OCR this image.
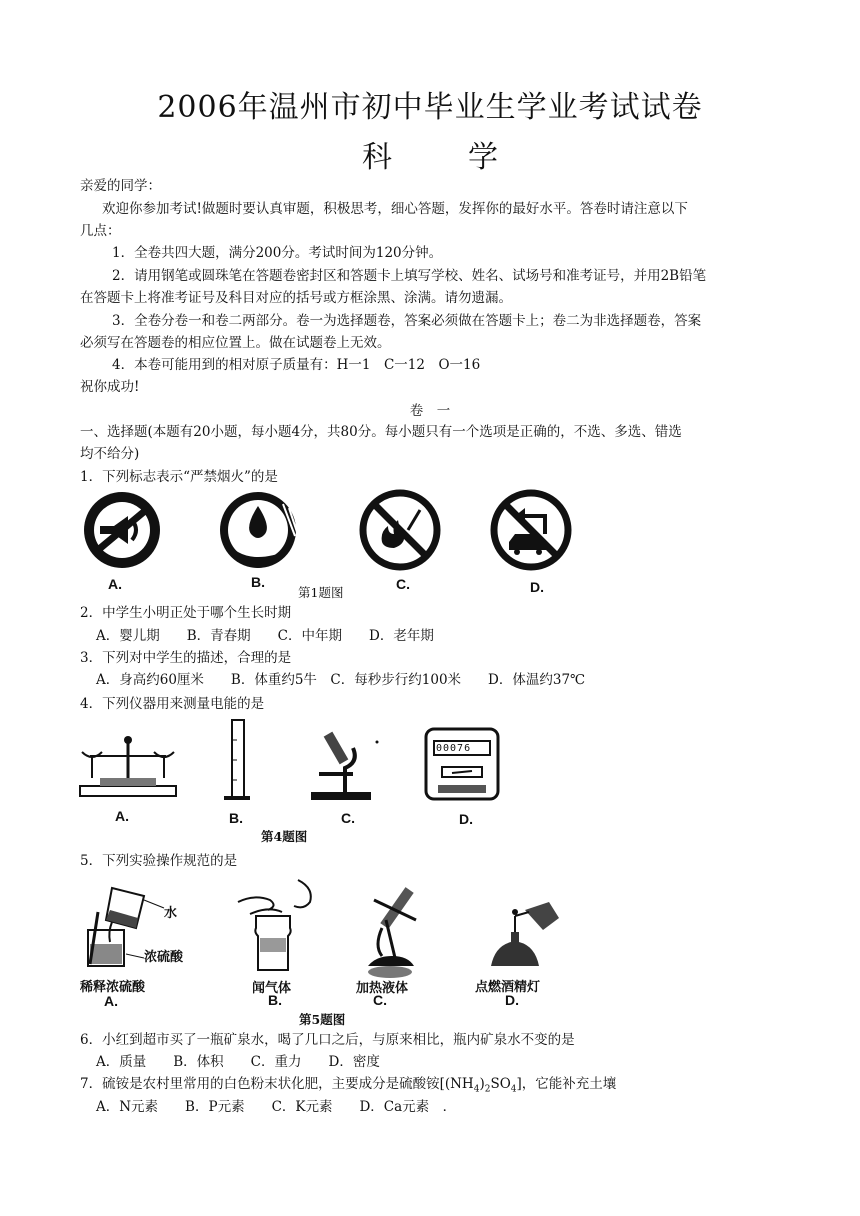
2006年温州市初中毕业生学业考试试卷
科	学
亲爱的同学：
欢迎你参加考试!做题时要认真审题，积极思考，细心答题，发挥你的最好水平。答卷时请注意以下
几点：
1．全卷共四大题，满分200分。考试时间为120分钟。
2．请用钢笔或圆珠笔在答题卷密封区和答题卡上填写学校、姓名、试场号和准考证号，并用2B铅笔
在答题卡上将准考证号及科目对应的括号或方框涂黑、涂满。请勿遗漏。
3．全卷分卷一和卷二两部分。卷一为选择题卷，答案必须做在答题卡上；卷二为非选择题卷，答案
必须写在答题卷的相应位置上。做在试题卷上无效。
4．本卷可能用到的相对原子质量有：H一1　C一12　O一16
祝你成功!
卷　一
一、选择题(本题有20小题，每小题4分，共80分。每小题只有一个选项是正确的，不选、多选、错选
均不给分)
1．下列标志表示“严禁烟火”的是
A.	B.	C.
第1题图	D.
2．中学生小明正处于哪个生长时期
A．婴儿期　　B．青春期　　C．中年期　　D．老年期
3．下列对中学生的描述，合理的是
A．身高约60厘米　　B．体重约5牛　C．每秒步行约100米　　D．体温约37℃
4．下列仪器用来测量电能的是
A.	B.	C.
00076
D.
第4题图
5．下列实验操作规范的是
水
浓硫酸
稀释浓硫酸
A.
闻气体
B.
加热液体
C.
点燃酒精灯
D.
第5题图
6．小红到超市买了一瓶矿泉水，喝了几口之后，与原来相比，瓶内矿泉水不变的是
A．质量　　B．体积　　C．重力　　D．密度
7．硫铵是农村里常用的白色粉末状化肥，主要成分是硫酸铵$[(NH_4)_2SO_4]$，它能补充土壤
A．N元素　　B．P元素　　C．K元素　　D．Ca元素　．
